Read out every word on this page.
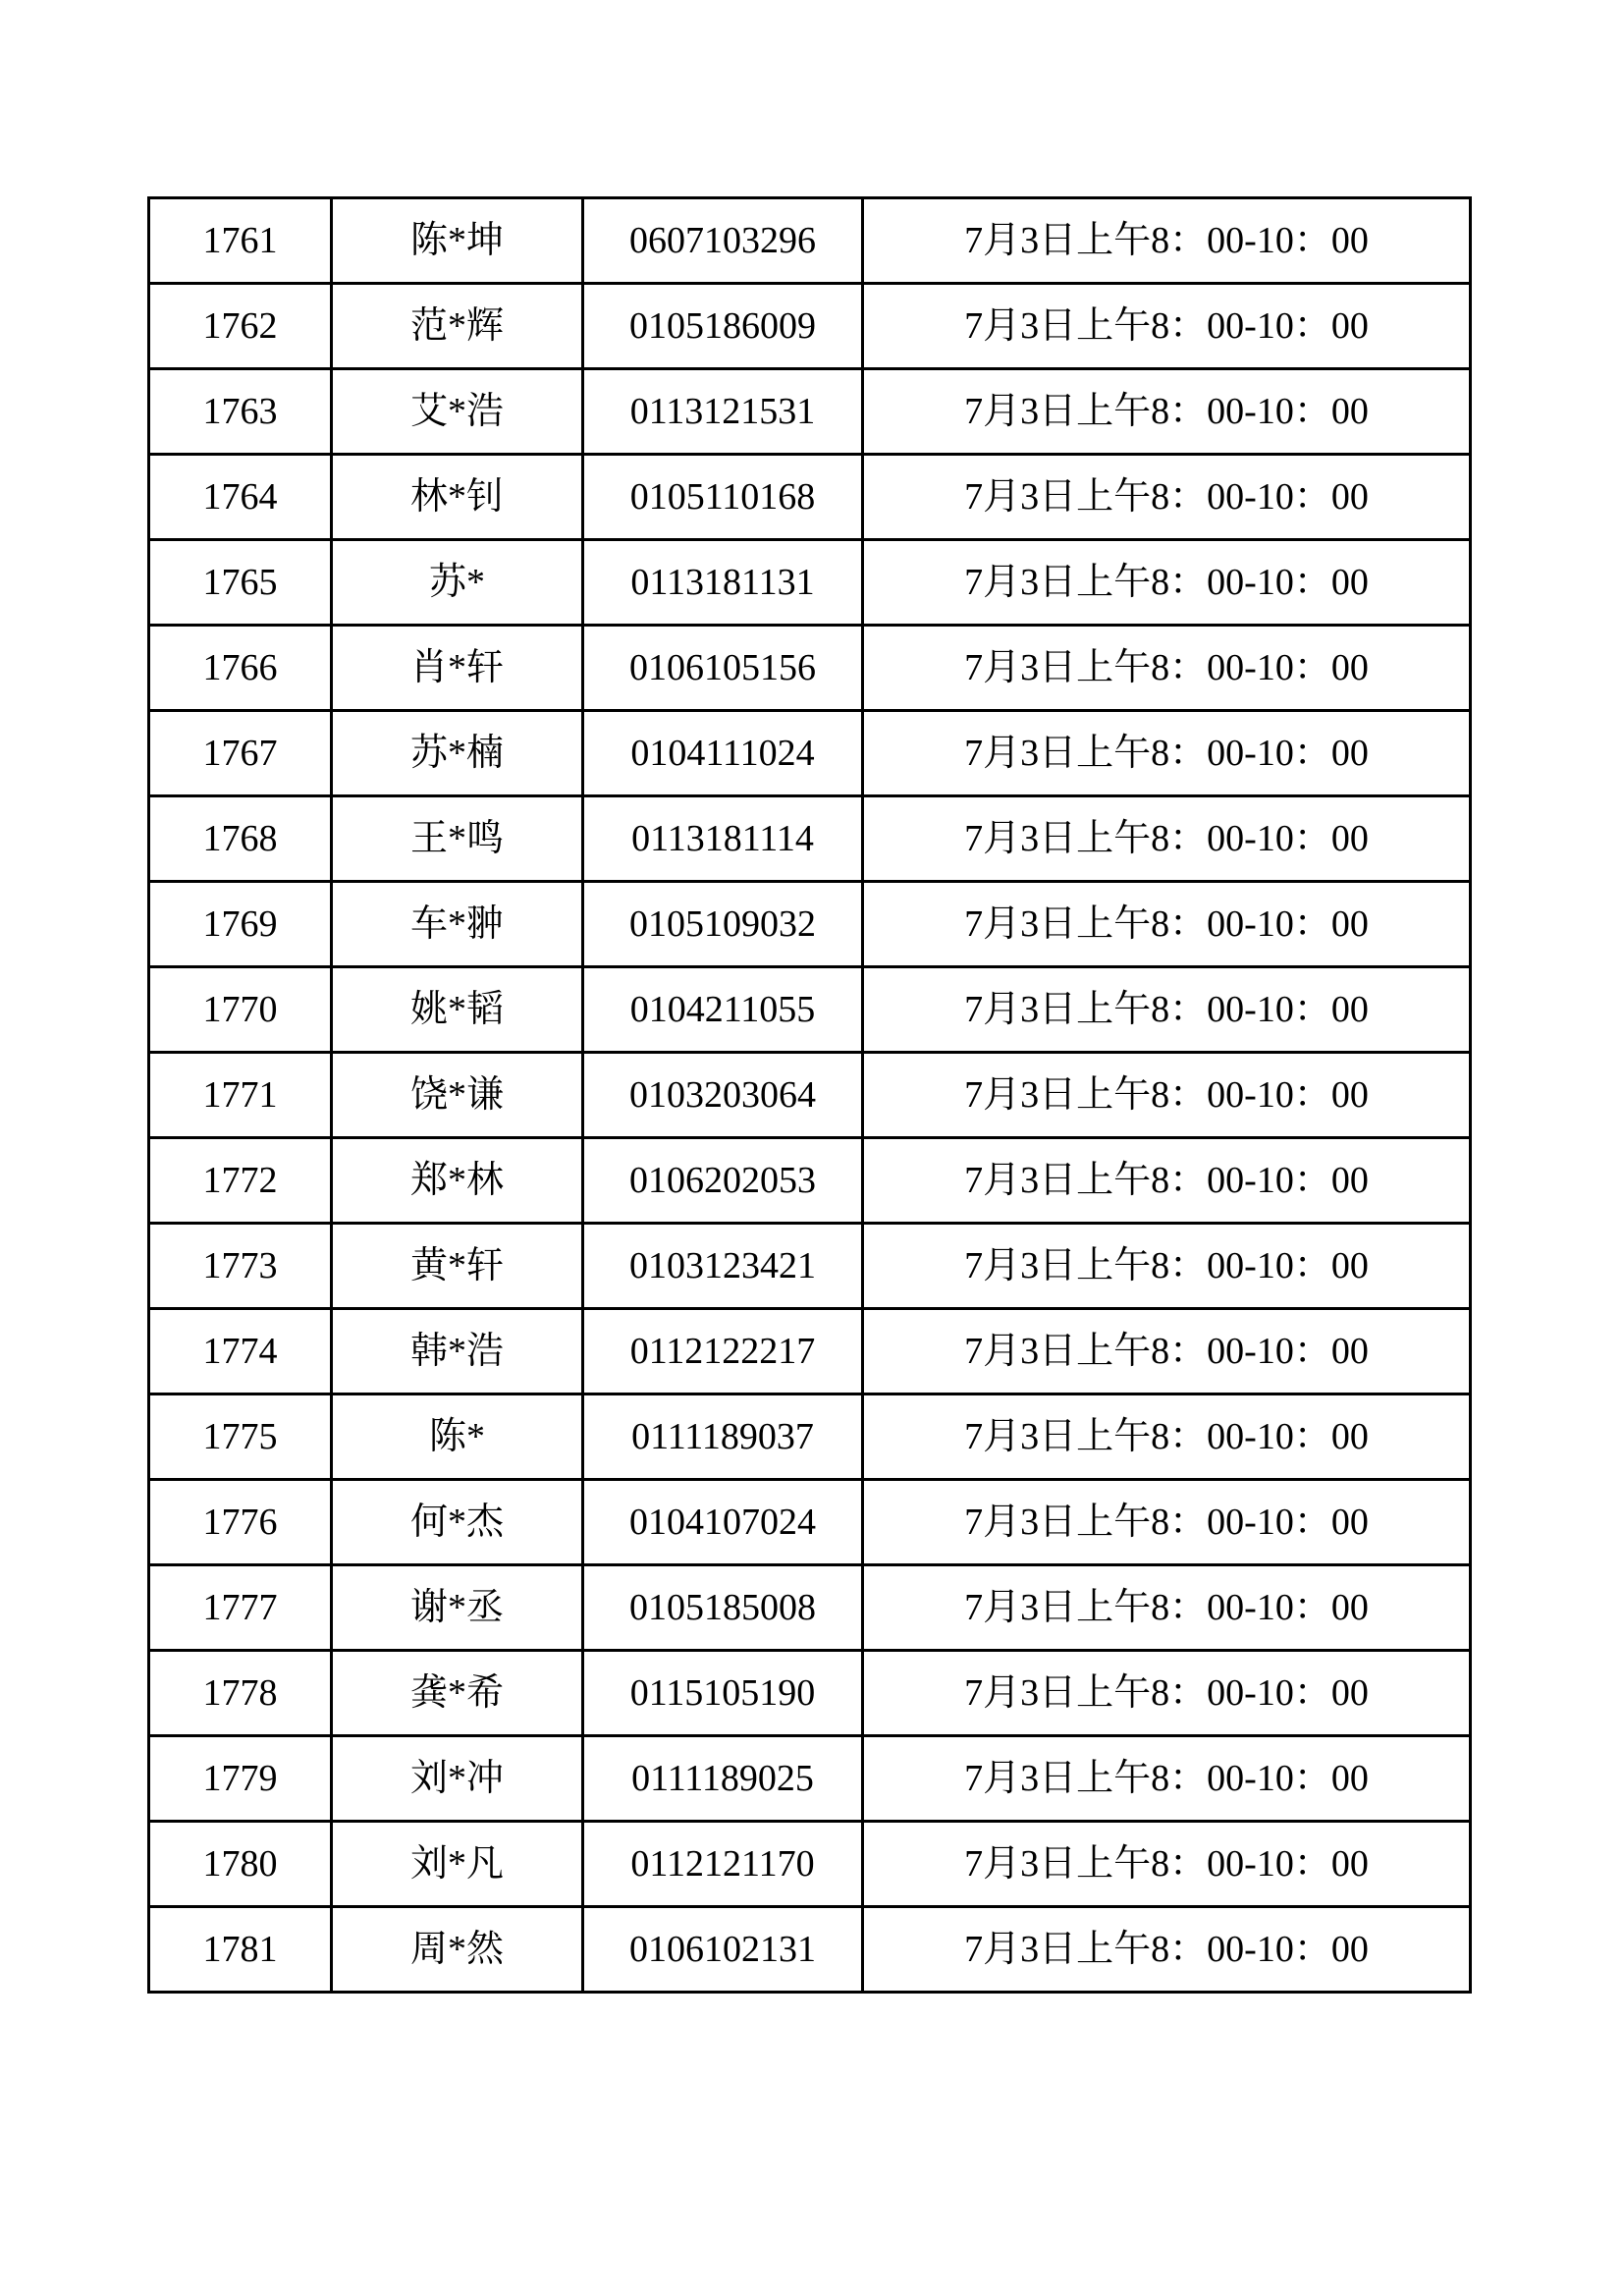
1761	陈*坤	0607103296	7月3日上午8：00-10：00
1762	范*辉	0105186009	7月3日上午8：00-10：00
1763	艾*浩	0113121531	7月3日上午8：00-10：00
1764	林*钊	0105110168	7月3日上午8：00-10：00
1765	苏*	0113181131	7月3日上午8：00-10：00
1766	肖*轩	0106105156	7月3日上午8：00-10：00
1767	苏*楠	0104111024	7月3日上午8：00-10：00
1768	王*鸣	0113181114	7月3日上午8：00-10：00
1769	车*翀	0105109032	7月3日上午8：00-10：00
1770	姚*韬	0104211055	7月3日上午8：00-10：00
1771	饶*谦	0103203064	7月3日上午8：00-10：00
1772	郑*林	0106202053	7月3日上午8：00-10：00
1773	黄*轩	0103123421	7月3日上午8：00-10：00
1774	韩*浩	0112122217	7月3日上午8：00-10：00
1775	陈*	0111189037	7月3日上午8：00-10：00
1776	何*杰	0104107024	7月3日上午8：00-10：00
1777	谢*丞	0105185008	7月3日上午8：00-10：00
1778	龚*希	0115105190	7月3日上午8：00-10：00
1779	刘*冲	0111189025	7月3日上午8：00-10：00
1780	刘*凡	0112121170	7月3日上午8：00-10：00
1781	周*然	0106102131	7月3日上午8：00-10：00
